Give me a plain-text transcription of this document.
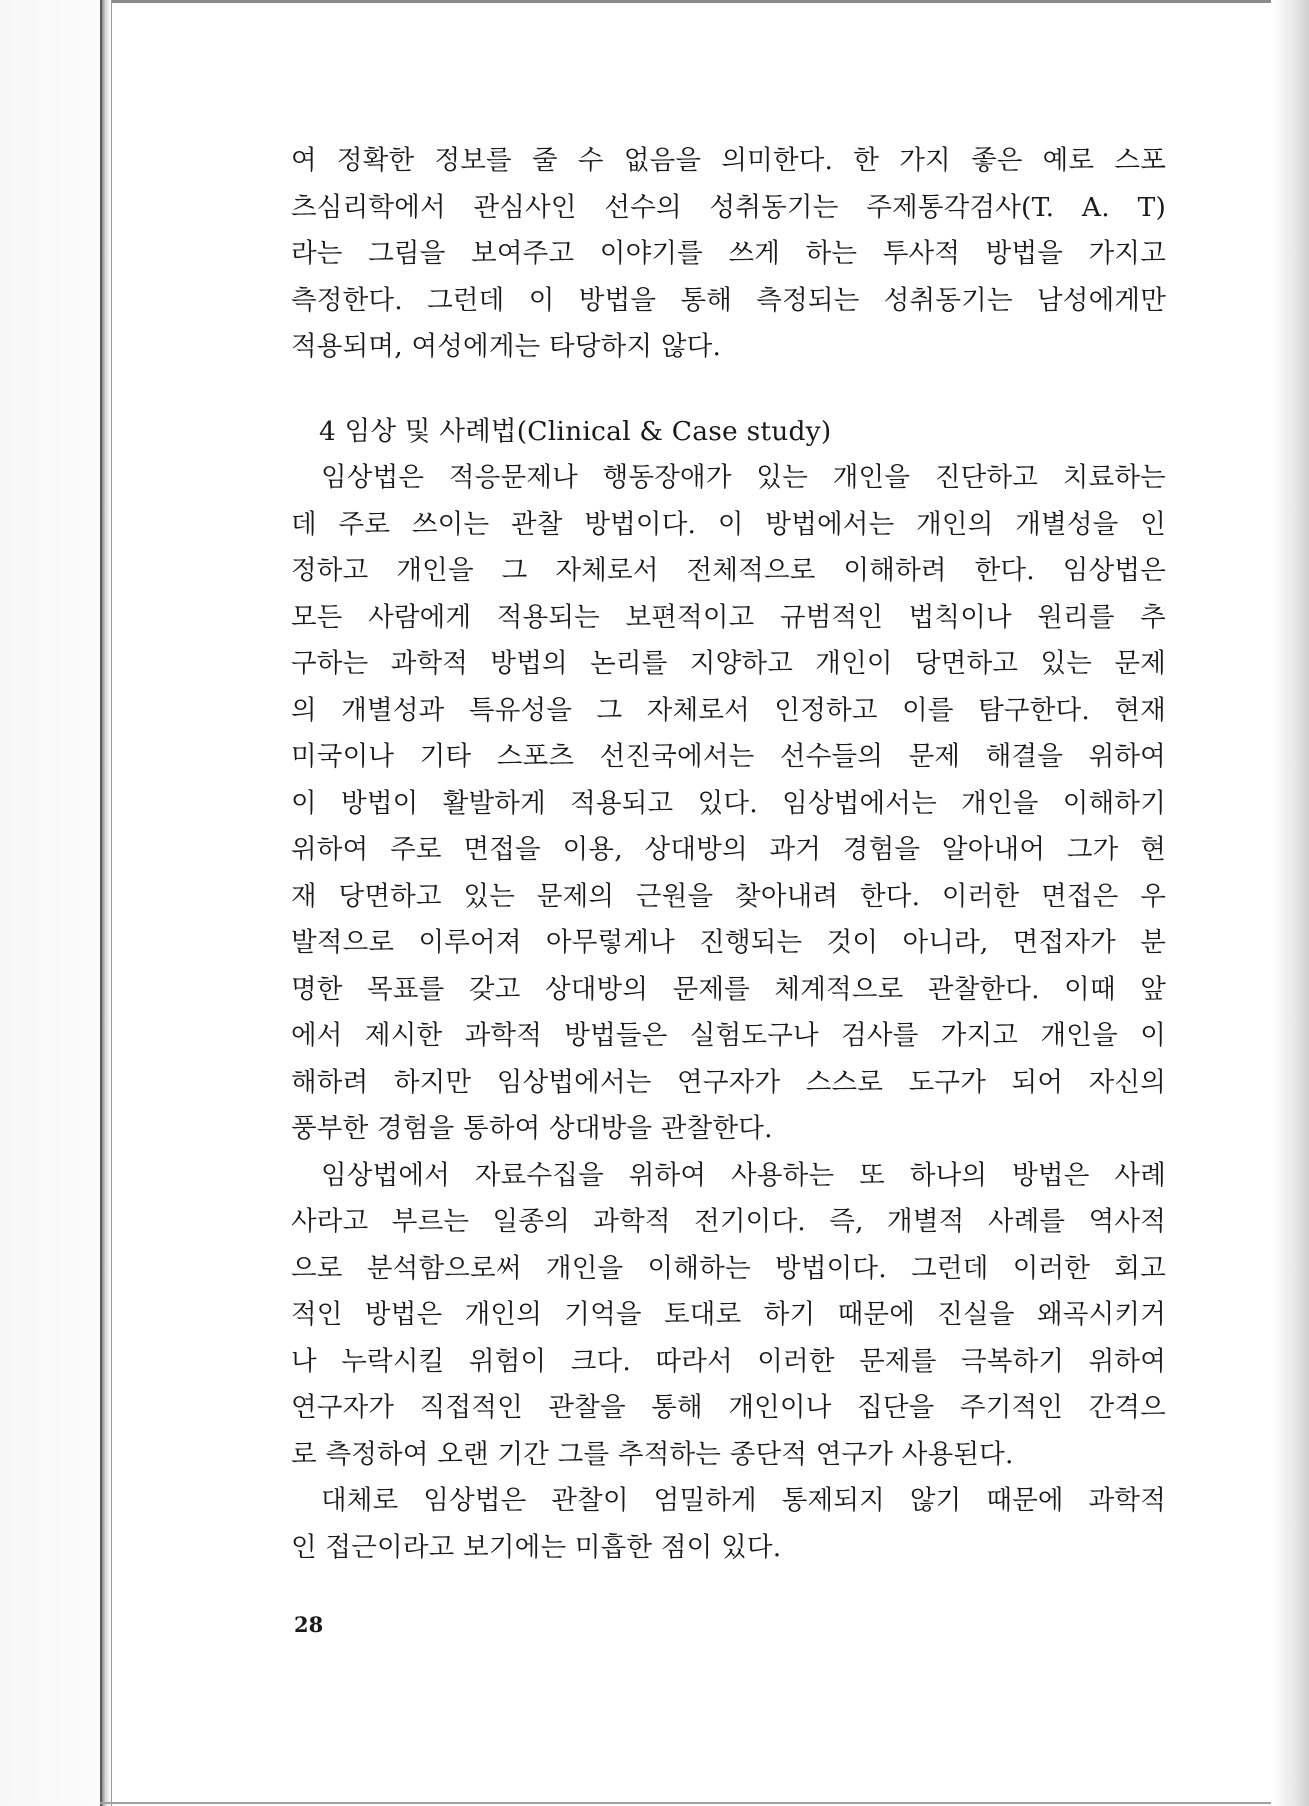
여 정확한 정보를 줄 수 없음을 의미한다. 한 가지 좋은 예로 스포
츠심리학에서 관심사인 선수의 성취동기는 주제통각검사(T. A. T)
라는 그림을 보여주고 이야기를 쓰게 하는 투사적 방법을 가지고
측정한다. 그런데 이 방법을 통해 측정되는 성취동기는 남성에게만
적용되며, 여성에게는 타당하지 않다.

4 임상 및 사례법(Clinical & Case study)

임상법은 적응문제나 행동장애가 있는 개인을 진단하고 치료하는
데 주로 쓰이는 관찰 방법이다. 이 방법에서는 개인의 개별성을 인
정하고 개인을 그 자체로서 전체적으로 이해하려 한다. 임상법은
모든 사람에게 적용되는 보편적이고 규범적인 법칙이나 원리를 추
구하는 과학적 방법의 논리를 지양하고 개인이 당면하고 있는 문제
의 개별성과 특유성을 그 자체로서 인정하고 이를 탐구한다. 현재
미국이나 기타 스포츠 선진국에서는 선수들의 문제 해결을 위하여
이 방법이 활발하게 적용되고 있다. 임상법에서는 개인을 이해하기
위하여 주로 면접을 이용, 상대방의 과거 경험을 알아내어 그가 현
재 당면하고 있는 문제의 근원을 찾아내려 한다. 이러한 면접은 우
발적으로 이루어져 아무렇게나 진행되는 것이 아니라, 면접자가 분
명한 목표를 갖고 상대방의 문제를 체계적으로 관찰한다. 이때 앞
에서 제시한 과학적 방법들은 실험도구나 검사를 가지고 개인을 이
해하려 하지만 임상법에서는 연구자가 스스로 도구가 되어 자신의
풍부한 경험을 통하여 상대방을 관찰한다.

임상법에서 자료수집을 위하여 사용하는 또 하나의 방법은 사례
사라고 부르는 일종의 과학적 전기이다. 즉, 개별적 사례를 역사적
으로 분석함으로써 개인을 이해하는 방법이다. 그런데 이러한 회고
적인 방법은 개인의 기억을 토대로 하기 때문에 진실을 왜곡시키거
나 누락시킬 위험이 크다. 따라서 이러한 문제를 극복하기 위하여
연구자가 직접적인 관찰을 통해 개인이나 집단을 주기적인 간격으
로 측정하여 오랜 기간 그를 추적하는 종단적 연구가 사용된다.

대체로 임상법은 관찰이 엄밀하게 통제되지 않기 때문에 과학적
인 접근이라고 보기에는 미흡한 점이 있다.

28
